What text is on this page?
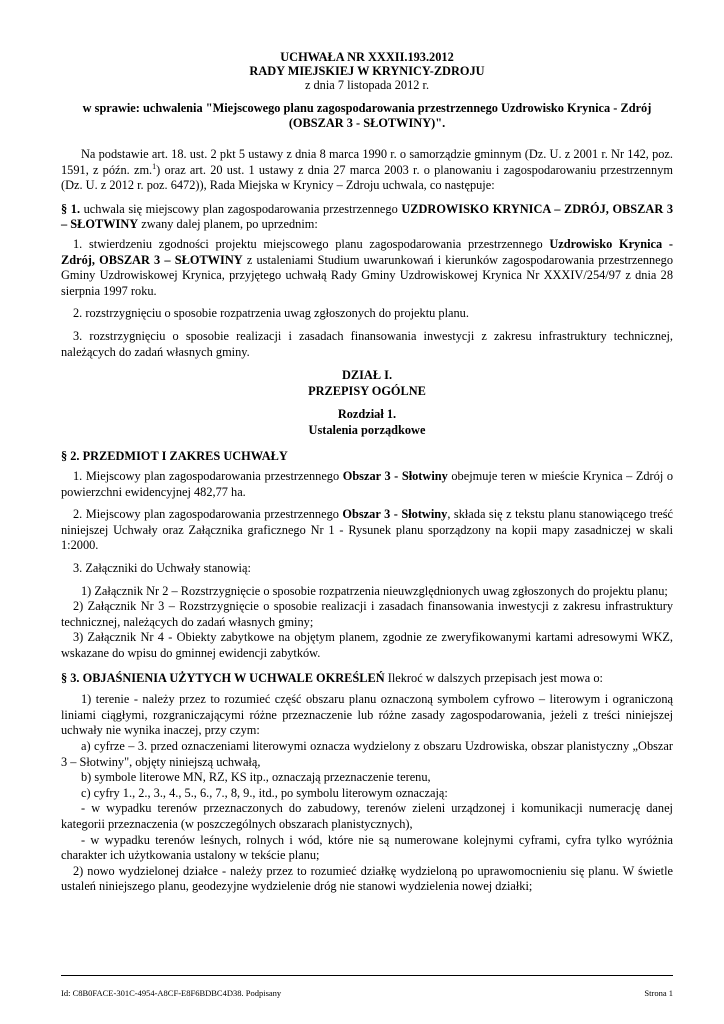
UCHWAŁA NR XXXII.193.2012
RADY MIEJSKIEJ W KRYNICY-ZDROJU
z dnia 7 listopada 2012 r.

w sprawie: uchwalenia "Miejscowego planu zagospodarowania przestrzennego Uzdrowisko Krynica - Zdrój (OBSZAR 3 - SŁOTWINY)".

Na podstawie art. 18. ust. 2 pkt 5 ustawy z dnia 8 marca 1990 r. o samorządzie gminnym (Dz. U. z 2001 r. Nr 142, poz. 1591, z późn. zm.$^1$) oraz art. 20 ust. 1 ustawy z dnia 27 marca 2003 r. o planowaniu i zagospodarowaniu przestrzennym (Dz. U. z 2012 r. poz. 6472)), Rada Miejska w Krynicy – Zdroju uchwala, co następuje:

§ 1. uchwala się miejscowy plan zagospodarowania przestrzennego UZDROWISKO KRYNICA – ZDRÓJ, OBSZAR 3 – SŁOTWINY zwany dalej planem, po uprzednim:

1. stwierdzeniu zgodności projektu miejscowego planu zagospodarowania przestrzennego Uzdrowisko Krynica - Zdrój, OBSZAR 3 – SŁOTWINY z ustaleniami Studium uwarunkowań i kierunków zagospodarowania przestrzennego Gminy Uzdrowiskowej Krynica, przyjętego uchwałą Rady Gminy Uzdrowiskowej Krynica Nr XXXIV/254/97 z dnia 28 sierpnia 1997 roku.

2. rozstrzygnięciu o sposobie rozpatrzenia uwag zgłoszonych do projektu planu.

3. rozstrzygnięciu o sposobie realizacji i zasadach finansowania inwestycji z zakresu infrastruktury technicznej, należących do zadań własnych gminy.

DZIAŁ I.
PRZEPISY OGÓLNE
Rozdział 1.
Ustalenia porządkowe

§ 2. PRZEDMIOT I ZAKRES UCHWAŁY

1. Miejscowy plan zagospodarowania przestrzennego Obszar 3 - Słotwiny obejmuje teren w mieście Krynica – Zdrój o powierzchni ewidencyjnej 482,77 ha.

2. Miejscowy plan zagospodarowania przestrzennego Obszar 3 - Słotwiny, składa się z tekstu planu stanowiącego treść niniejszej Uchwały oraz Załącznika graficznego Nr 1 - Rysunek planu sporządzony na kopii mapy zasadniczej w skali 1:2000.

3. Załączniki do Uchwały stanowią:

1) Załącznik Nr 2 – Rozstrzygnięcie o sposobie rozpatrzenia nieuwzględnionych uwag zgłoszonych do projektu planu;

2) Załącznik Nr 3 – Rozstrzygnięcie o sposobie realizacji i zasadach finansowania inwestycji z zakresu infrastruktury technicznej, należących do zadań własnych gminy;

3) Załącznik Nr 4 - Obiekty zabytkowe na objętym planem, zgodnie ze zweryfikowanymi kartami adresowymi WKZ, wskazane do wpisu do gminnej ewidencji zabytków.

§ 3. OBJAŚNIENIA UŻYTYCH W UCHWALE OKREŚLEŃ Ilekroć w dalszych przepisach jest mowa o:

1) terenie - należy przez to rozumieć część obszaru planu oznaczoną symbolem cyfrowo – literowym i ograniczoną liniami ciągłymi, rozgraniczającymi różne przeznaczenie lub różne zasady zagospodarowania, jeżeli z treści niniejszej uchwały nie wynika inaczej, przy czym:

a) cyfrze – 3. przed oznaczeniami literowymi oznacza wydzielony z obszaru Uzdrowiska, obszar planistyczny „Obszar 3 – Słotwiny", objęty niniejszą uchwałą,

b) symbole literowe MN, RZ, KS itp., oznaczają przeznaczenie terenu,

c) cyfry 1., 2., 3., 4., 5., 6., 7., 8, 9., itd., po symbolu literowym oznaczają:

- w wypadku terenów przeznaczonych do zabudowy, terenów zieleni urządzonej i komunikacji numerację danej kategorii przeznaczenia (w poszczególnych obszarach planistycznych),

- w wypadku terenów leśnych, rolnych i wód, które nie są numerowane kolejnymi cyframi, cyfra tylko wyróżnia charakter ich użytkowania ustalony w tekście planu;

2) nowo wydzielonej działce - należy przez to rozumieć działkę wydzieloną po uprawomocnieniu się planu. W świetle ustaleń niniejszego planu, geodezyjne wydzielenie dróg nie stanowi wydzielenia nowej działki;

Id: C8B0FACE-301C-4954-A8CF-E8F6BDBC4D38. Podpisany	Strona 1
